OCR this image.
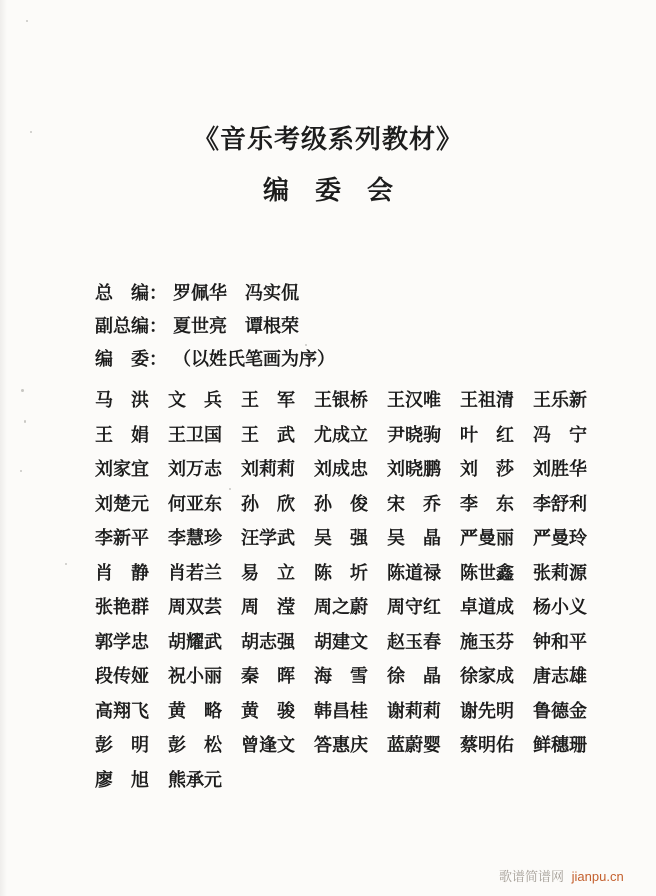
《音乐考级系列教材》
编　委　会
总　编： 罗佩华　冯实侃
副总编： 夏世亮　谭根荣
编　委： （以姓氏笔画为序）
马　洪	文　兵	王　军	王银桥	王汉唯	王祖清	王乐新
王　娟	王卫国	王　武	尤成立	尹晓驹	叶　红	冯　宁
刘家宜	刘万志	刘莉莉	刘成忠	刘晓鹏	刘　莎	刘胜华
刘楚元	何亚东	孙　欣	孙　俊	宋　乔	李　东	李舒利
李新平	李慧珍	汪学武	吴　强	吴　晶	严曼丽	严曼玲
肖　静	肖若兰	易　立	陈　圻	陈道禄	陈世鑫	张莉源
张艳群	周双芸	周　滢	周之蔚	周守红	卓道成	杨小义
郭学忠	胡耀武	胡志强	胡建文	赵玉春	施玉芬	钟和平
段传娅	祝小丽	秦　晖	海　雪	徐　晶	徐家成	唐志雄
高翔飞	黄　略	黄　骏	韩昌桂	谢莉莉	谢先明	鲁德金
彭　明	彭　松	曾逢文	答惠庆	蓝蔚婴	蔡明佑	鲜穗珊
廖　旭	熊承元
歌谱简谱网 jianpu.cn
